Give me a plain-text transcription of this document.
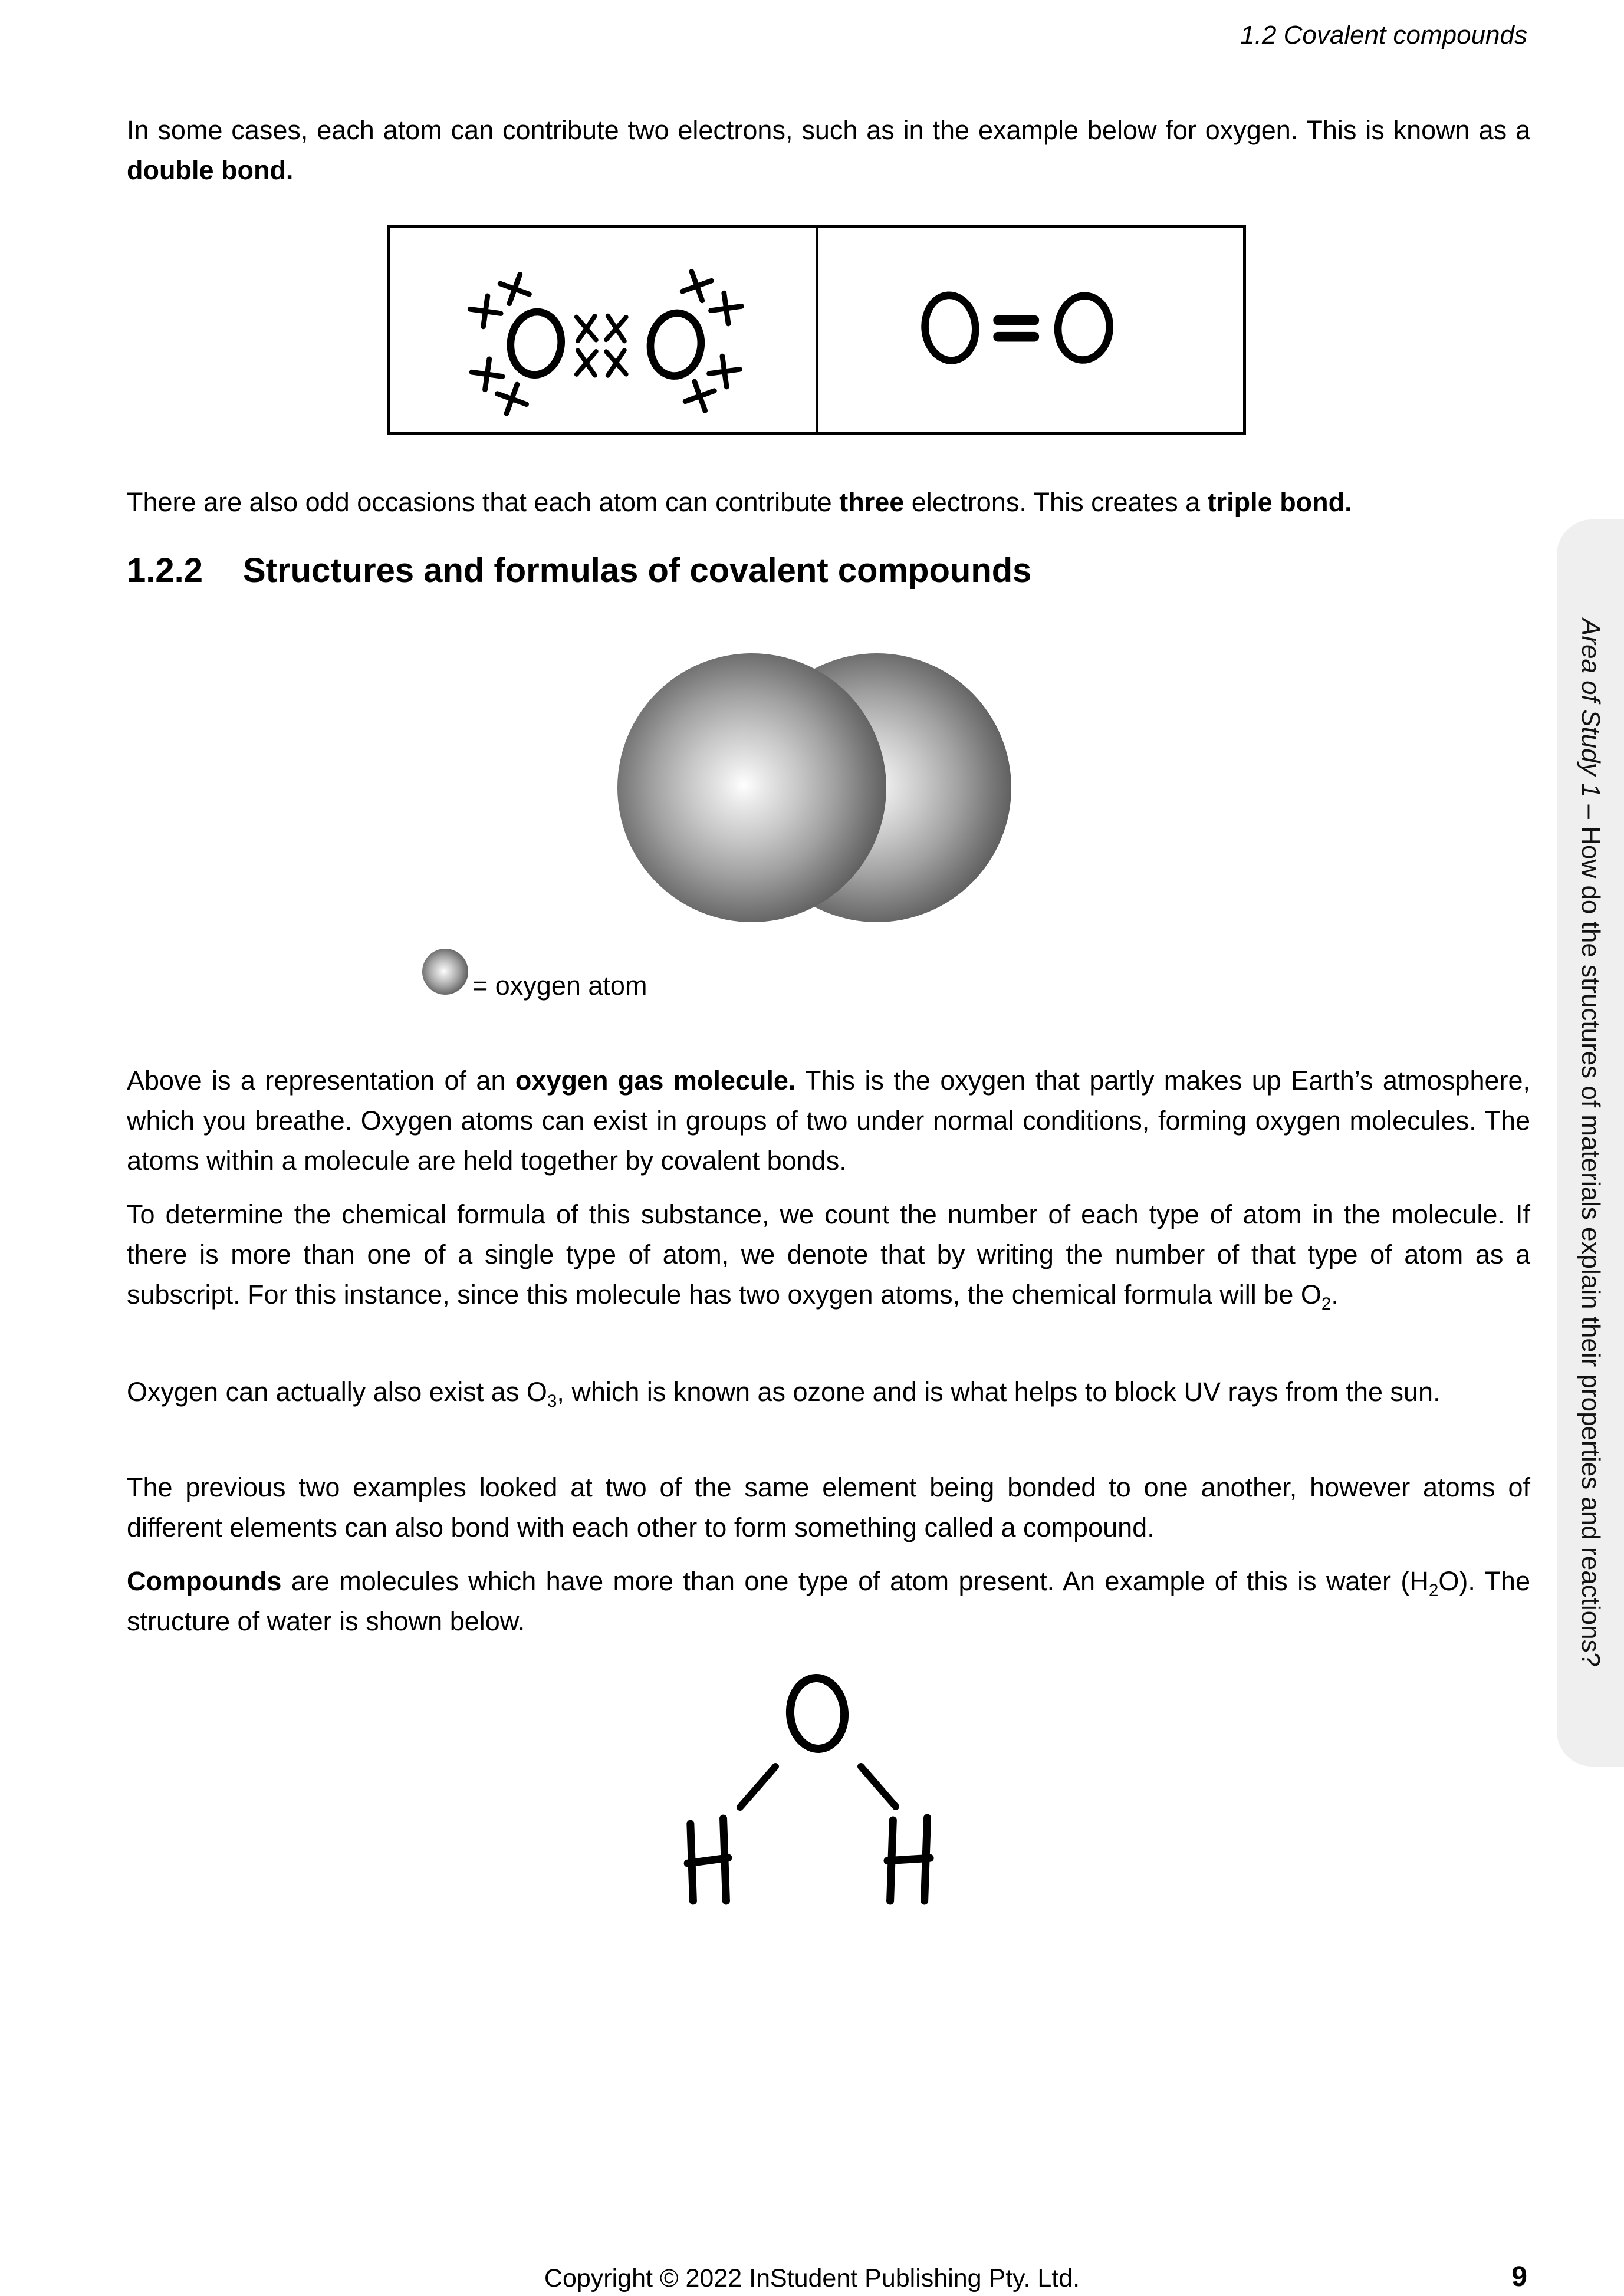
1.2 Covalent compounds
In some cases, each atom can contribute two electrons, such as in the example below for oxygen. This is known as a double bond.
There are also odd occasions that each atom can contribute three electrons. This creates a triple bond.
1.2.2	Structures and formulas of covalent compounds
= oxygen atom
Above is a representation of an oxygen gas molecule. This is the oxygen that partly makes up Earth’s atmosphere, which you breathe. Oxygen atoms can exist in groups of two under normal conditions, forming oxygen molecules. The atoms within a molecule are held together by covalent bonds.
To determine the chemical formula of this substance, we count the number of each type of atom in the molecule. If there is more than one of a single type of atom, we denote that by writing the number of that type of atom as a subscript. For this instance, since this molecule has two oxygen atoms, the chemical formula will be $O_2$.
Oxygen can actually also exist as $O_3$, which is known as ozone and is what helps to block UV rays from the sun.
The previous two examples looked at two of the same element being bonded to one another, however atoms of different elements can also bond with each other to form something called a compound.
Compounds are molecules which have more than one type of atom present. An example of this is water $(H_2O)$. The structure of water is shown below.
Area of Study 1 – How do the structures of materials explain their properties and reactions?
Copyright © 2022 InStudent Publishing Pty. Ltd.	9
